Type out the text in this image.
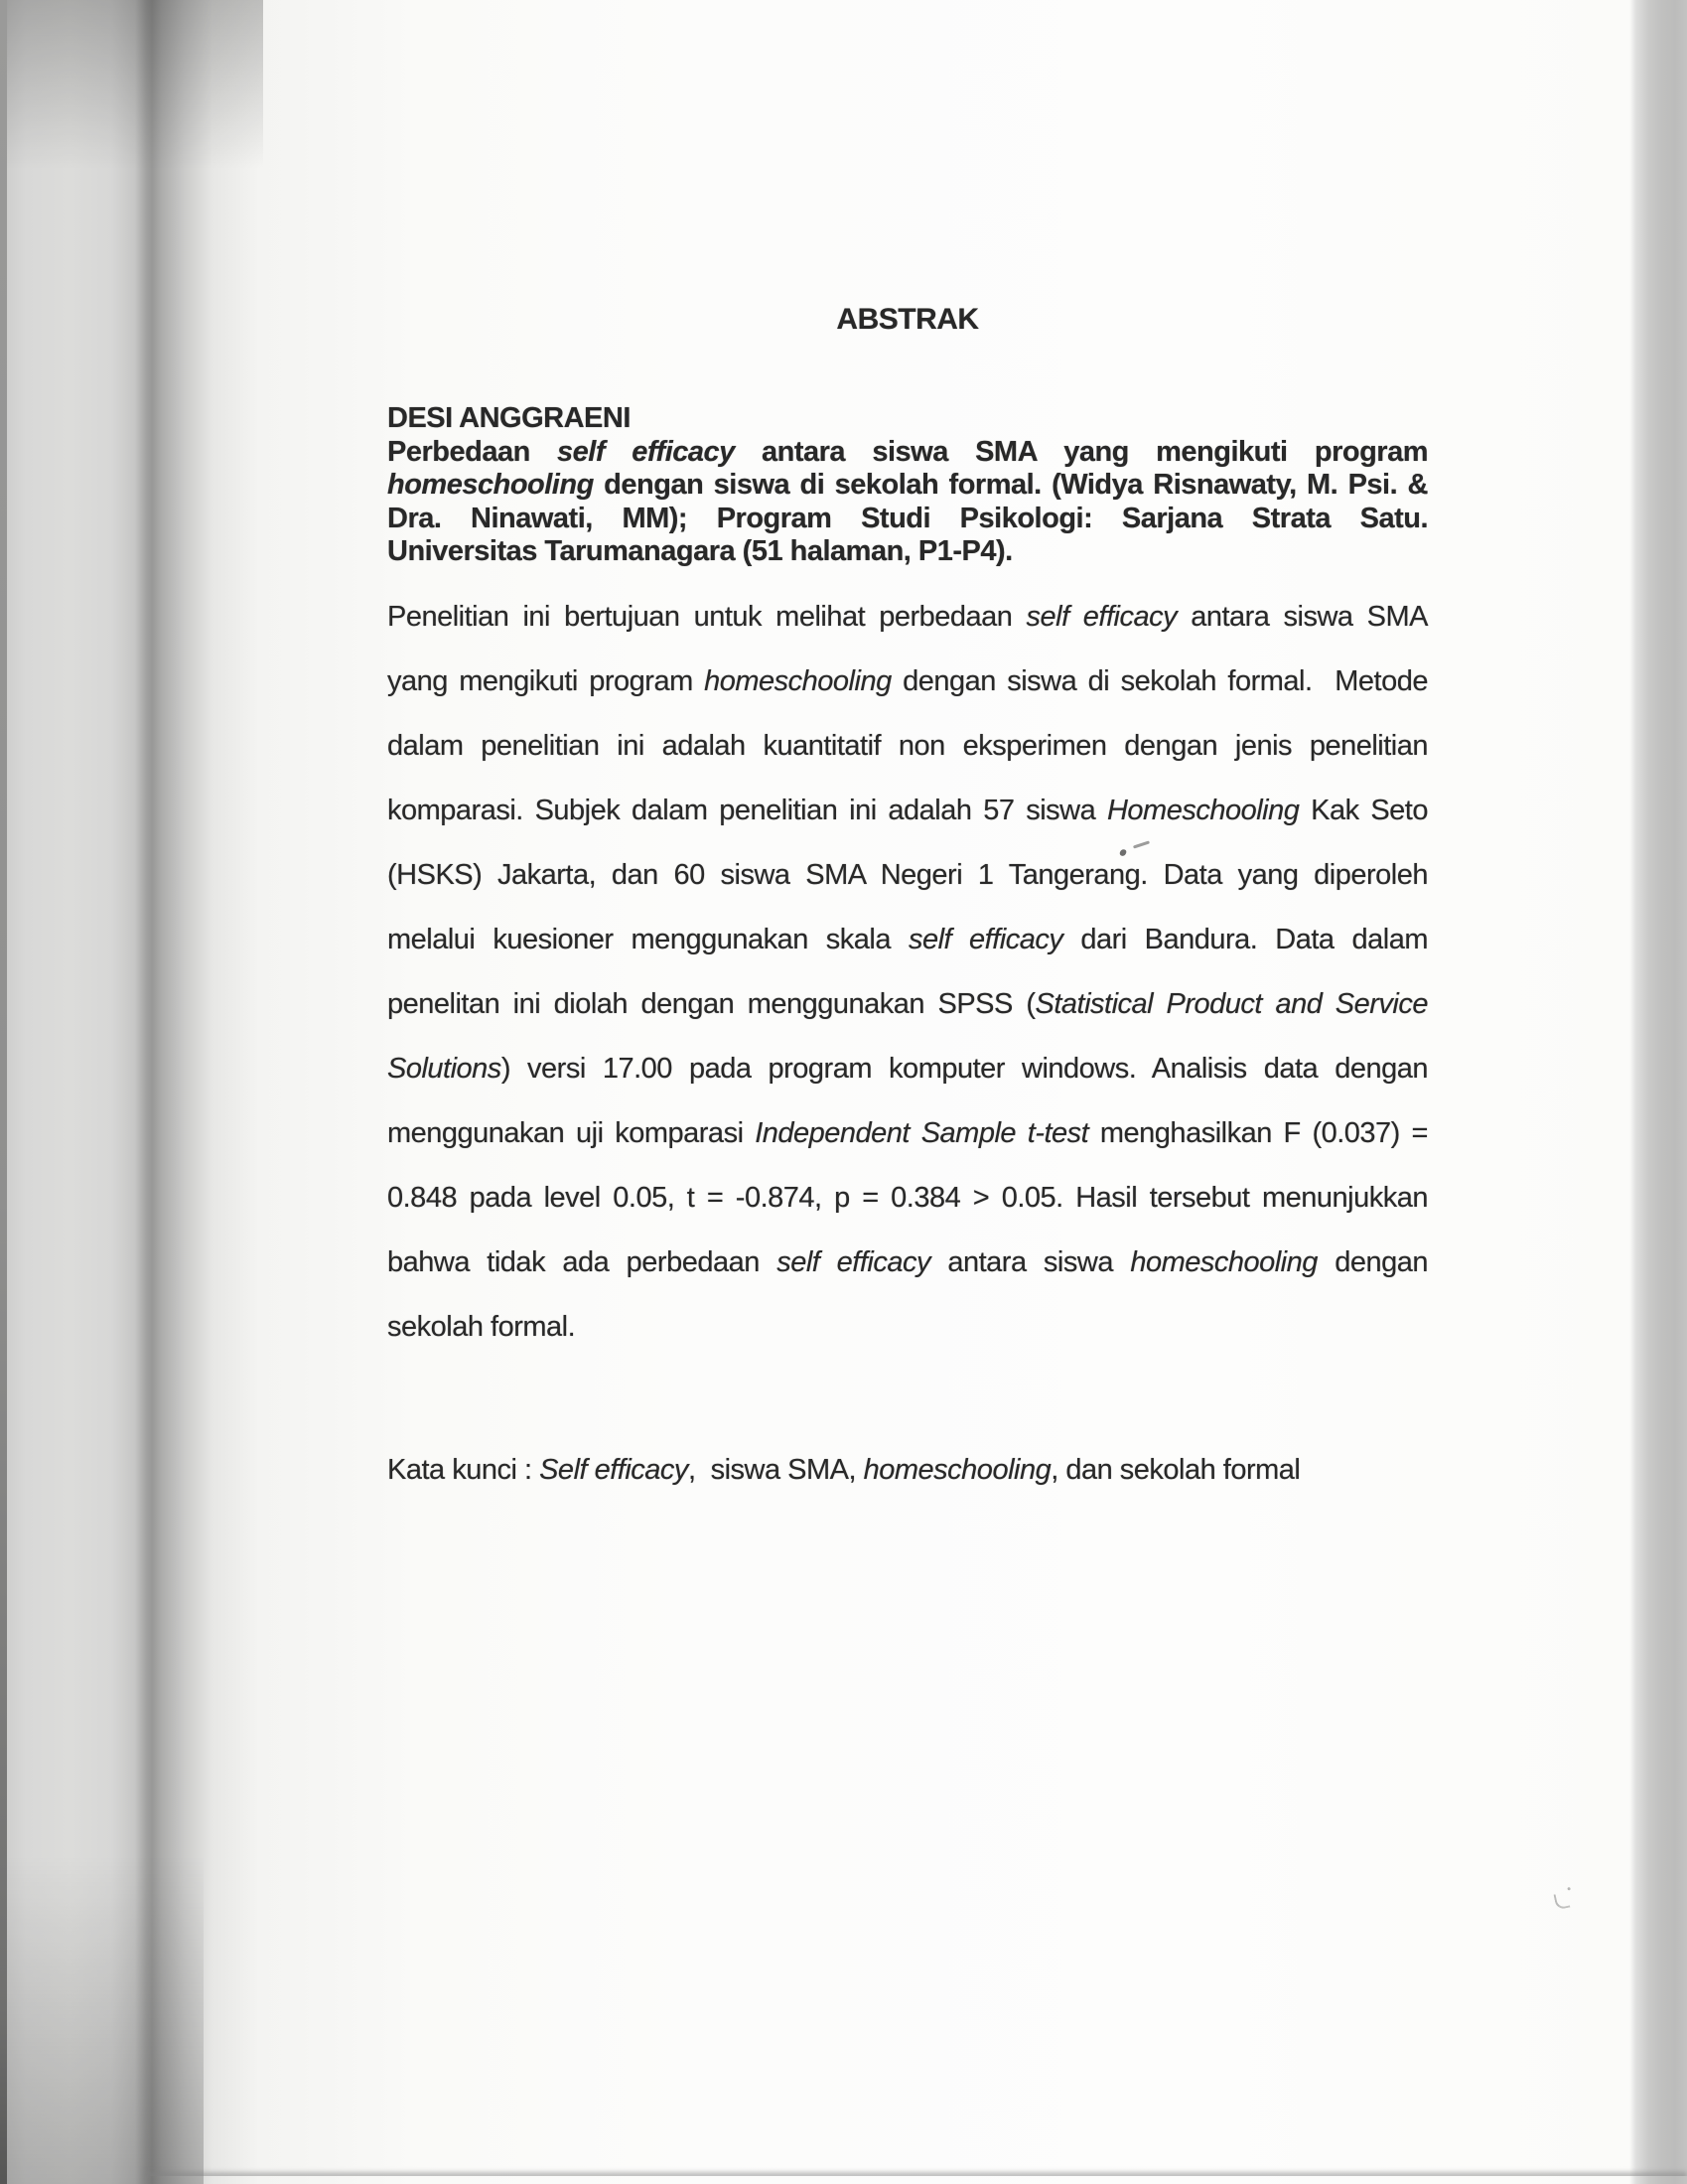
ABSTRAK
DESI ANGGRAENI
Perbedaan self efficacy antara siswa SMA yang mengikuti program
homeschooling dengan siswa di sekolah formal. (Widya Risnawaty, M. Psi. &
Dra. Ninawati, MM); Program Studi Psikologi: Sarjana Strata Satu.
Universitas Tarumanagara (51 halaman, P1-P4).
Penelitian ini bertujuan untuk melihat perbedaan self efficacy antara siswa SMA
yang mengikuti program homeschooling dengan siswa di sekolah formal.  Metode
dalam penelitian ini adalah kuantitatif non eksperimen dengan jenis penelitian
komparasi. Subjek dalam penelitian ini adalah 57 siswa Homeschooling Kak Seto
(HSKS) Jakarta, dan 60 siswa SMA Negeri 1 Tangerang. Data yang diperoleh
melalui kuesioner menggunakan skala self efficacy dari Bandura. Data dalam
penelitan ini diolah dengan menggunakan SPSS (Statistical Product and Service
Solutions) versi 17.00 pada program komputer windows. Analisis data dengan
menggunakan uji komparasi Independent Sample t-test menghasilkan F (0.037) =
0.848 pada level 0.05, t = -0.874, p = 0.384 > 0.05. Hasil tersebut menunjukkan
bahwa tidak ada perbedaan self efficacy antara siswa homeschooling dengan
sekolah formal.
Kata kunci : Self efficacy,  siswa SMA, homeschooling, dan sekolah formal
